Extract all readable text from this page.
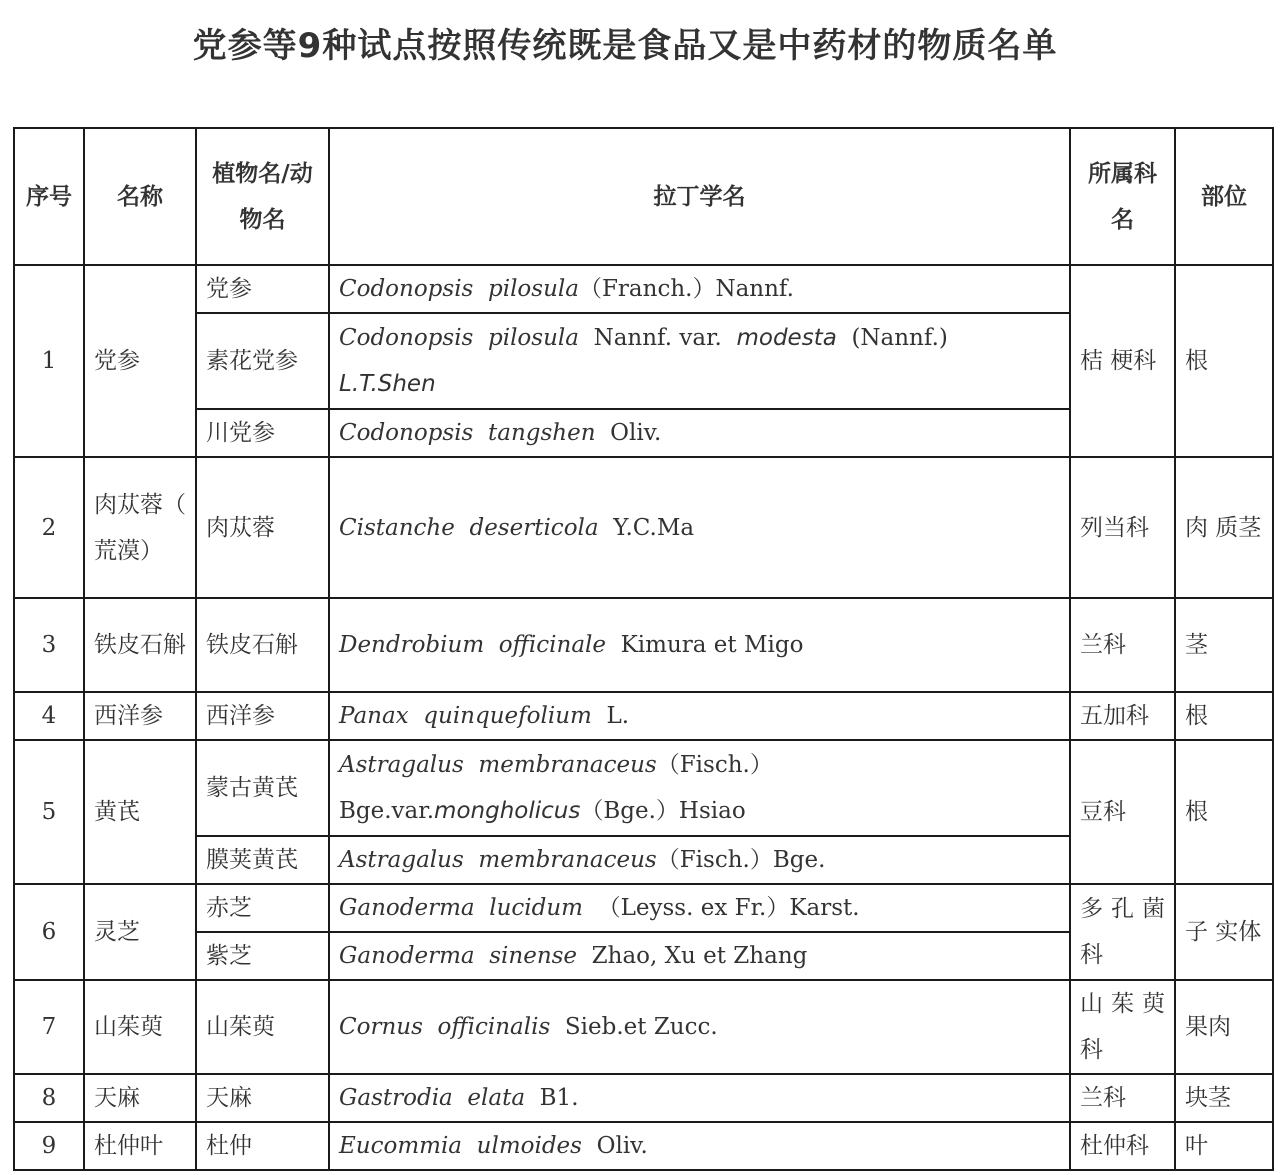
党参等9种试点按照传统既是食品又是中药材的物质名单
序号	名称	植物名/动物名	拉丁学名	所属科名	部位
1	党参	党参	Codonopsis pilosula（Franch.）Nannf.	桔 梗科	根
		素花党参	Codonopsis pilosula Nannf. var. modesta (Nannf.)
L.T.Shen		
		川党参	Codonopsis tangshen Oliv.		
2	肉苁蓉（ 荒漠）	肉苁蓉	Cistanche deserticola Y.C.Ma	列当科	肉 质茎
3	铁皮石斛	铁皮石斛	Dendrobium officinale Kimura et Migo	兰科	茎
4	西洋参	西洋参	Panax quinquefolium L.	五加科	根
5	黄芪	蒙古黄芪	Astragalus membranaceus（Fisch.）
Bge.var.mongholicus（Bge.）Hsiao	豆科	根
		膜荚黄芪	Astragalus membranaceus（Fisch.）Bge.		
6	灵芝	赤芝	Ganoderma lucidum （Leyss. ex Fr.）Karst.	多孔菌科	子 实体
		紫芝	Ganoderma sinense Zhao, Xu et Zhang		
7	山茱萸	山茱萸	Cornus officinalis Sieb.et Zucc.	山茱萸科	果肉
8	天麻	天麻	Gastrodia elata B1.	兰科	块茎
9	杜仲叶	杜仲	Eucommia ulmoides Oliv.	杜仲科	叶
